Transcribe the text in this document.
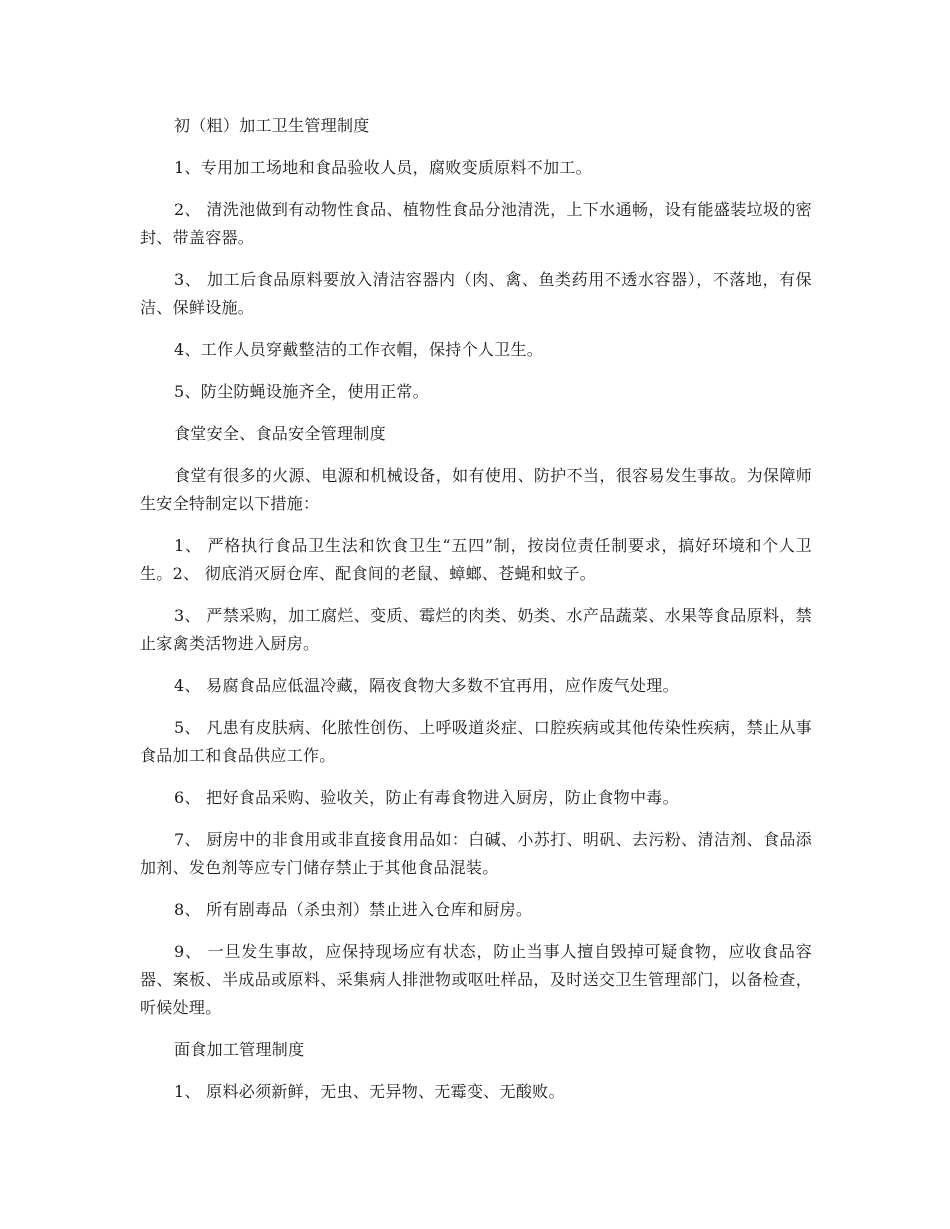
初（粗）加工卫生管理制度

1、专用加工场地和食品验收人员，腐败变质原料不加工。

2、 清洗池做到有动物性食品、植物性食品分池清洗，上下水通畅，设有能盛装垃圾的密封、带盖容器。

3、 加工后食品原料要放入清洁容器内（肉、禽、鱼类药用不透水容器），不落地，有保洁、保鲜设施。

4、工作人员穿戴整洁的工作衣帽，保持个人卫生。

5、防尘防蝇设施齐全，使用正常。

食堂安全、食品安全管理制度

食堂有很多的火源、电源和机械设备，如有使用、防护不当，很容易发生事故。为保障师生安全特制定以下措施：

1、 严格执行食品卫生法和饮食卫生“五四”制，按岗位责任制要求，搞好环境和个人卫生。2、 彻底消灭厨仓库、配食间的老鼠、蟑螂、苍蝇和蚊子。

3、 严禁采购，加工腐烂、变质、霉烂的肉类、奶类、水产品蔬菜、水果等食品原料，禁止家禽类活物进入厨房。

4、 易腐食品应低温冷藏，隔夜食物大多数不宜再用，应作废气处理。

5、 凡患有皮肤病、化脓性创伤、上呼吸道炎症、口腔疾病或其他传染性疾病，禁止从事食品加工和食品供应工作。

6、 把好食品采购、验收关，防止有毒食物进入厨房，防止食物中毒。

7、 厨房中的非食用或非直接食用品如：白碱、小苏打、明矾、去污粉、清洁剂、食品添加剂、发色剂等应专门储存禁止于其他食品混装。

8、 所有剧毒品（杀虫剂）禁止进入仓库和厨房。

9、 一旦发生事故，应保持现场应有状态，防止当事人擅自毁掉可疑食物，应收食品容器、案板、半成品或原料、采集病人排泄物或呕吐样品，及时送交卫生管理部门，以备检查，听候处理。

面食加工管理制度

1、 原料必须新鲜，无虫、无异物、无霉变、无酸败。
